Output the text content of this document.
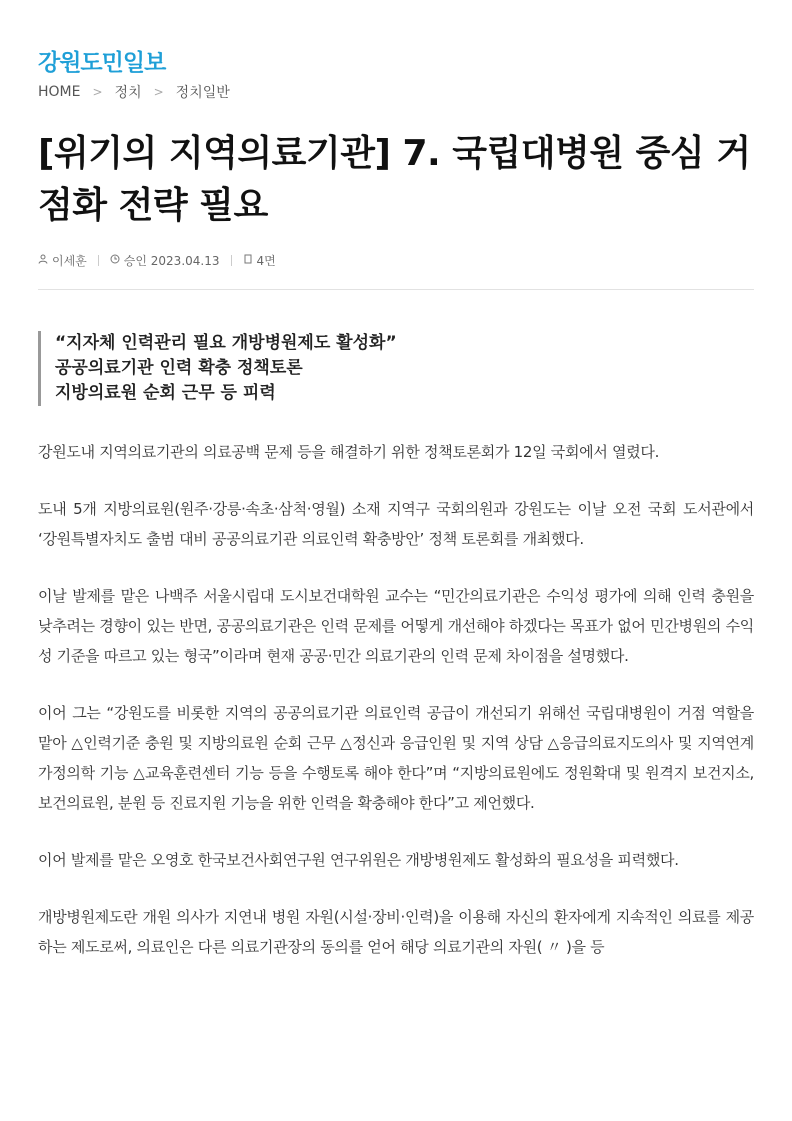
강원도민일보
HOME > 정치 > 정치일반
[위기의 지역의료기관] 7. 국립대병원 중심 거점화 전략 필요
이세훈	승인 2023.04.13	4면
“지자체 인력관리 필요 개방병원제도 활성화”
공공의료기관 인력 확충 정책토론
지방의료원 순회 근무 등 피력

강원도내 지역의료기관의 의료공백 문제 등을 해결하기 위한 정책토론회가 12일 국회에서 열렸다.

도내 5개 지방의료원(원주·강릉·속초·삼척·영월) 소재 지역구 국회의원과 강원도는 이날 오전 국회 도서관에서 ‘강원특별자치도 출범 대비 공공의료기관 의료인력 확충방안’ 정책 토론회를 개최했다.

이날 발제를 맡은 나백주 서울시립대 도시보건대학원 교수는 “민간의료기관은 수익성 평가에 의해 인력 충원을 낮추려는 경향이 있는 반면, 공공의료기관은 인력 문제를 어떻게 개선해야 하겠다는 목표가 없어 민간병원의 수익성 기준을 따르고 있는 형국”이라며 현재 공공·민간 의료기관의 인력 문제 차이점을 설명했다.

이어 그는 “강원도를 비롯한 지역의 공공의료기관 의료인력 공급이 개선되기 위해선 국립대병원이 거점 역할을 맡아 △인력기준 충원 및 지방의료원 순회 근무 △정신과 응급인원 및 지역 상담 △응급의료지도의사 및 지역연계 가정의학 기능 △교육훈련센터 기능 등을 수행토록 해야 한다”며 “지방의료원에도 정원확대 및 원격지 보건지소, 보건의료원, 분원 등 진료지원 기능을 위한 인력을 확충해야 한다”고 제언했다.

이어 발제를 맡은 오영호 한국보건사회연구원 연구위원은 개방병원제도 활성화의 필요성을 피력했다.

개방병원제도란 개원 의사가 지연내 병원 자원(시설·장비·인력)을 이용해 자신의 환자에게 지속적인 의료를 제공하는 제도로써, 의료인은 다른 의료기관장의 동의를 얻어 해당 의료기관의 자원( 〃 )을 등
